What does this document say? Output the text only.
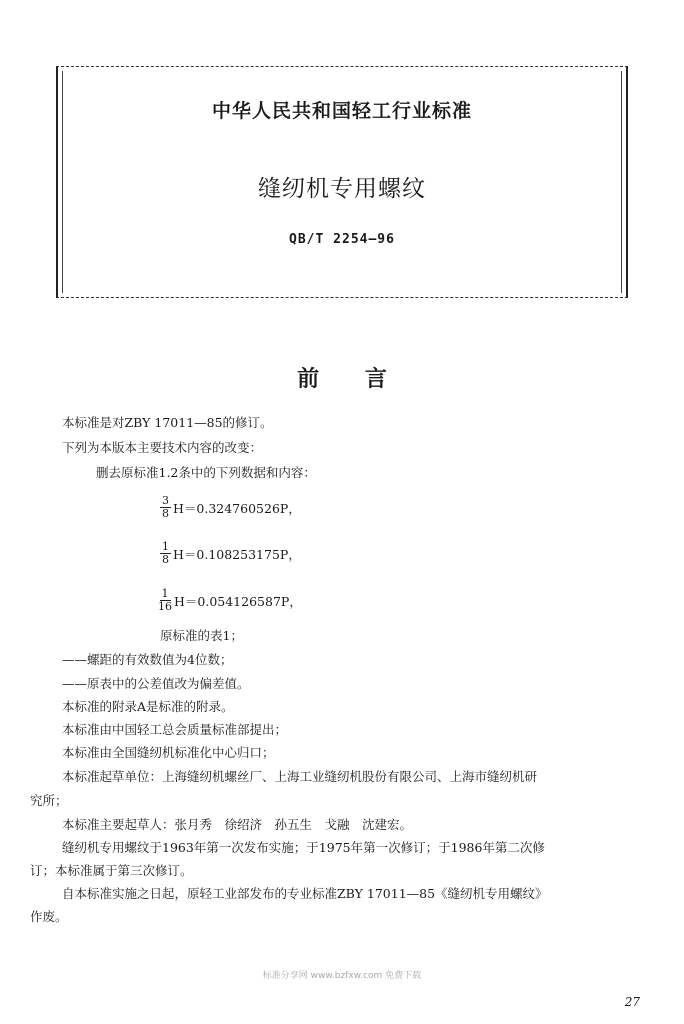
中华人民共和国轻工行业标准
缝纫机专用螺纹
QB/T 2254—96
前 言
本标准是对ZBY 17011—85的修订。
下列为本版本主要技术内容的改变：
删去原标准1.2条中的下列数据和内容：
$\frac{3}{8} H=0.324760526P$，
$\frac{1}{8} H=0.108253175P$，
$\frac{1}{16} H=0.054126587P$，
原标准的表1；
——螺距的有效数值为4位数；
——原表中的公差值改为偏差值。
本标准的附录A是标准的附录。
本标准由中国轻工总会质量标准部提出；
本标准由全国缝纫机标准化中心归口；
本标准起草单位：上海缝纫机螺丝厂、上海工业缝纫机股份有限公司、上海市缝纫机研
究所；
本标准主要起草人：张月秀　徐绍济　孙五生　戈融　沈建宏。
缝纫机专用螺纹于1963年第一次发布实施；于1975年第一次修订；于1986年第二次修
订；本标准属于第三次修订。
自本标准实施之日起，原轻工业部发布的专业标准ZBY 17011—85《缝纫机专用螺纹》
作废。
标准分享网 www.bzfxw.com 免费下载
27
